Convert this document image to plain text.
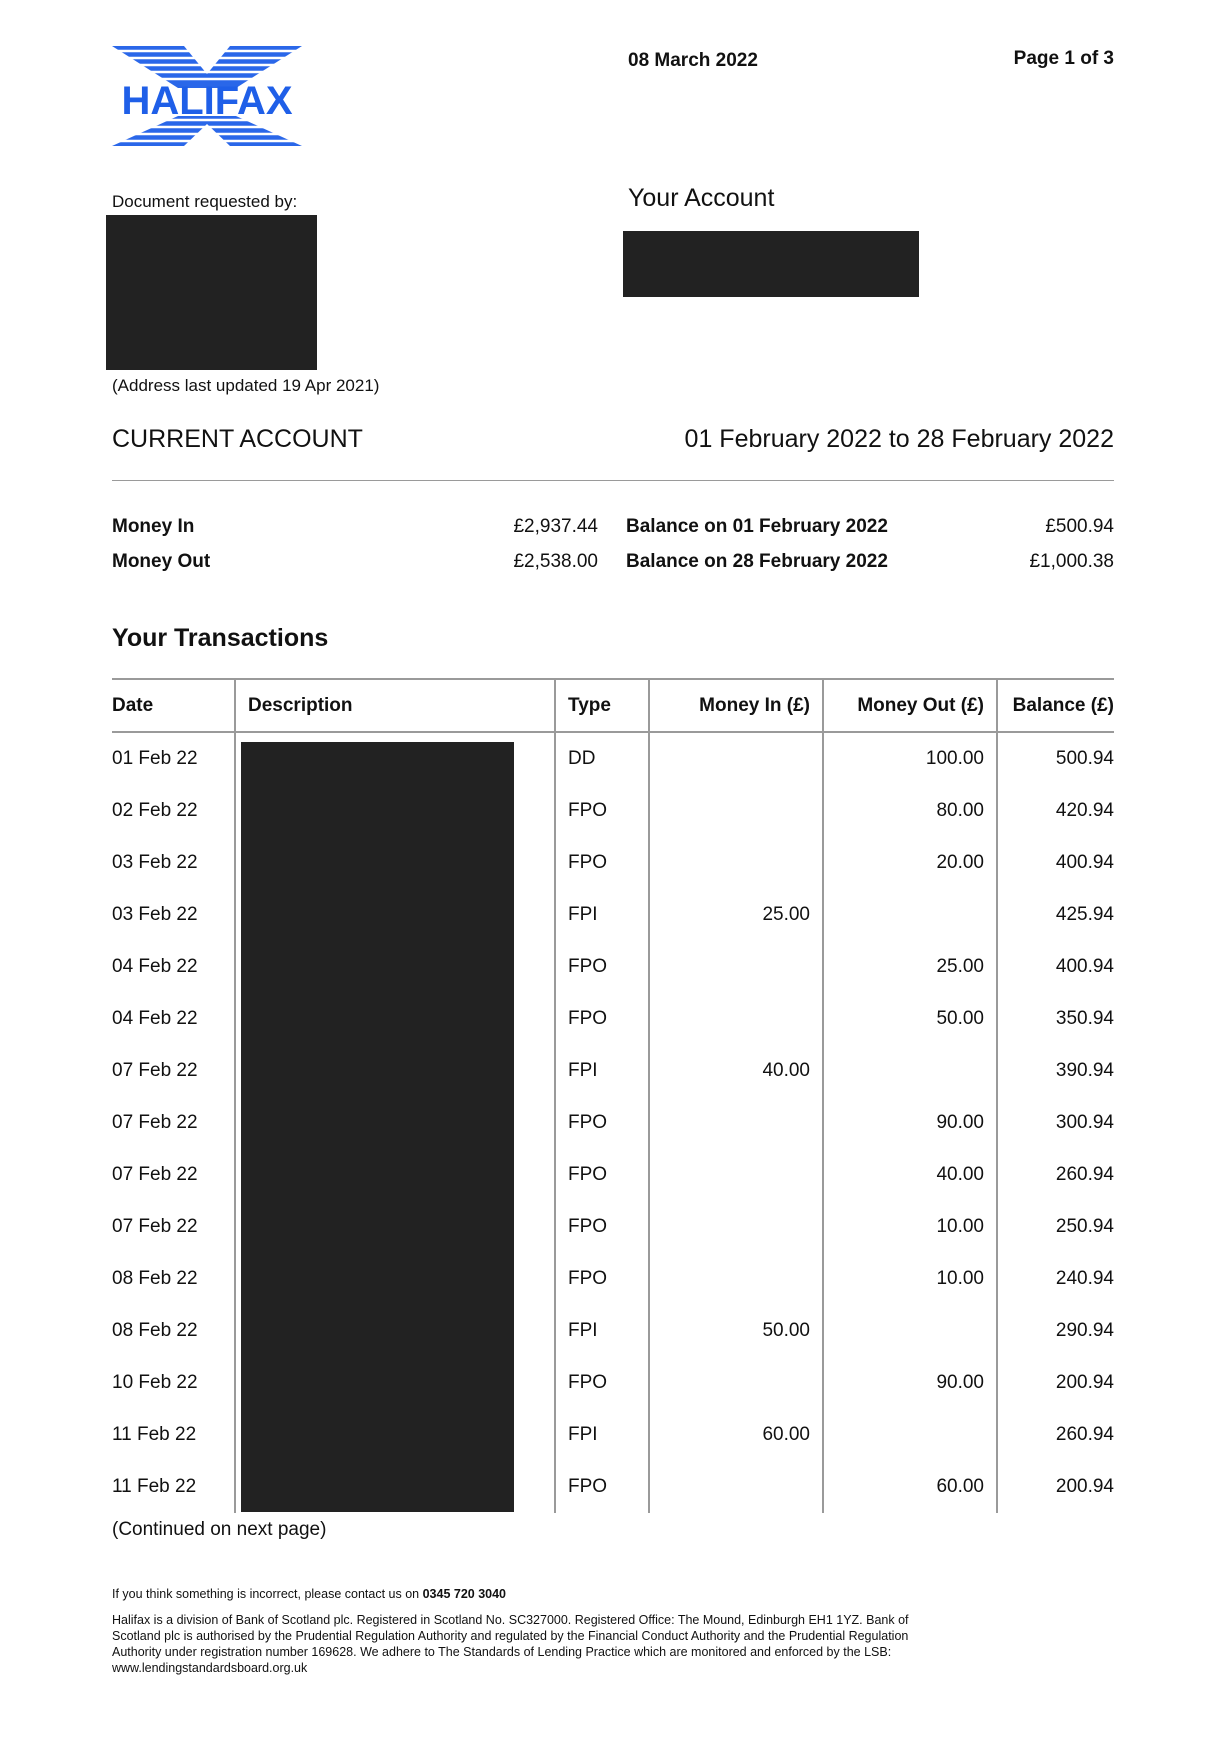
HALIFAX
08 March 2022	Page 1 of 3
Document requested by:
(Address last updated 19 Apr 2021)
Your Account
CURRENT ACCOUNT	01 February 2022 to 28 February 2022
Money In	£2,937.44
Money Out	£2,538.00
Balance on 01 February 2022	£500.94
Balance on 28 February 2022	£1,000.38
Your Transactions
Date	Description	Type	Money In (£)	Money Out (£)	Balance (£)
01 Feb 22		DD		100.00	500.94
02 Feb 22		FPO		80.00	420.94
03 Feb 22		FPO		20.00	400.94
03 Feb 22		FPI	25.00		425.94
04 Feb 22		FPO		25.00	400.94
04 Feb 22		FPO		50.00	350.94
07 Feb 22		FPI	40.00		390.94
07 Feb 22		FPO		90.00	300.94
07 Feb 22		FPO		40.00	260.94
07 Feb 22		FPO		10.00	250.94
08 Feb 22		FPO		10.00	240.94
08 Feb 22		FPI	50.00		290.94
10 Feb 22		FPO		90.00	200.94
11 Feb 22		FPI	60.00		260.94
11 Feb 22		FPO		60.00	200.94
(Continued on next page)
If you think something is incorrect, please contact us on 0345 720 3040
Halifax is a division of Bank of Scotland plc. Registered in Scotland No. SC327000. Registered Office: The Mound, Edinburgh EH1 1YZ. Bank of Scotland plc is authorised by the Prudential Regulation Authority and regulated by the Financial Conduct Authority and the Prudential Regulation Authority under registration number 169628. We adhere to The Standards of Lending Practice which are monitored and enforced by the LSB: www.lendingstandardsboard.org.uk
